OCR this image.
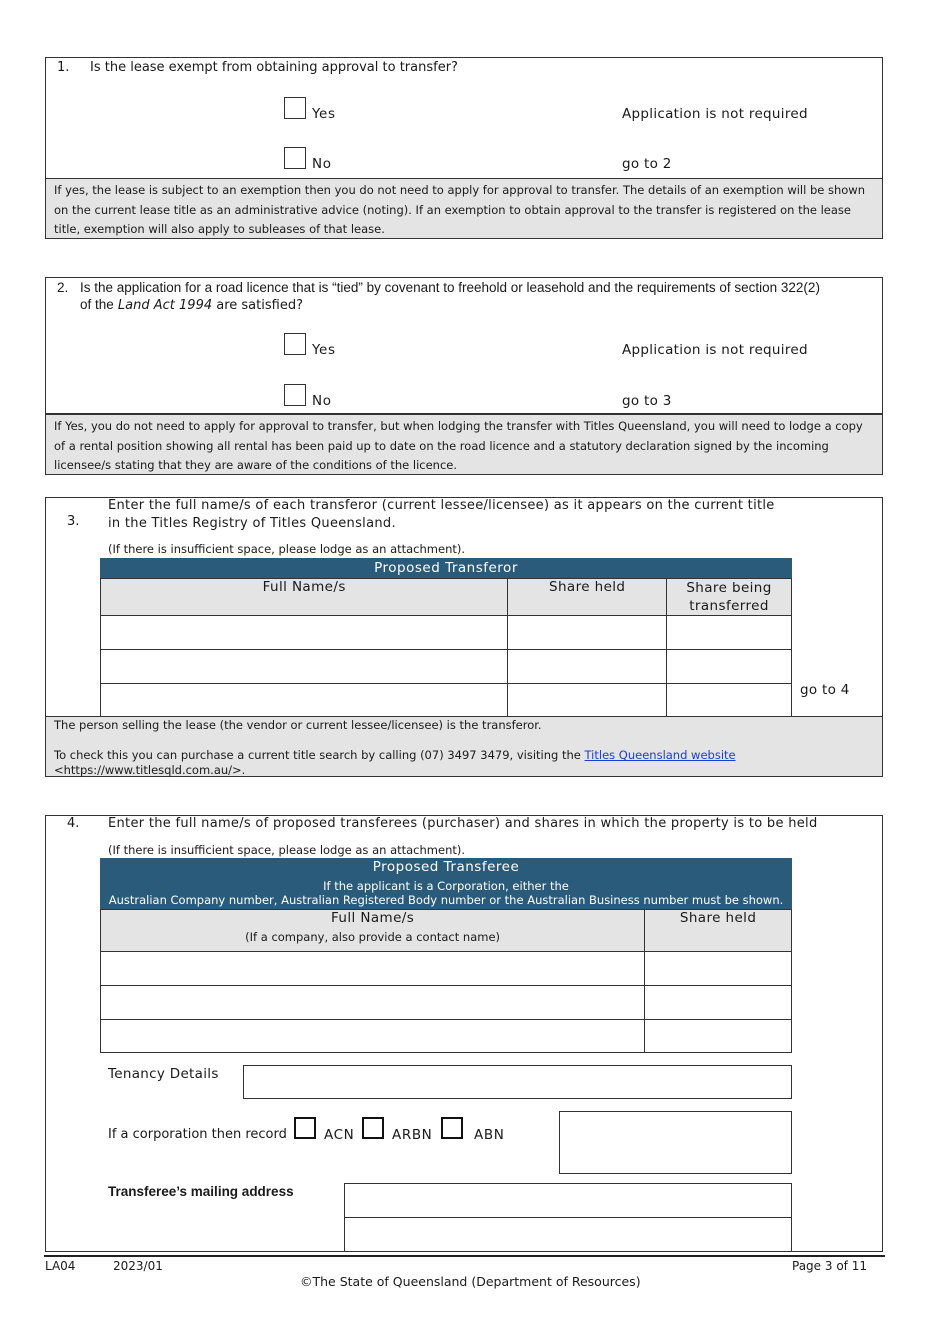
1. Is the lease exempt from obtaining approval to transfer?
Yes	Application is not required
No	go to 2
If yes, the lease is subject to an exemption then you do not need to apply for approval to transfer. The details of an exemption will be shown on the current lease title as an administrative advice (noting). If an exemption to obtain approval to the transfer is registered on the lease title, exemption will also apply to subleases of that lease.
2. Is the application for a road licence that is “tied” by covenant to freehold or leasehold and the requirements of section 322(2)
of the Land Act 1994 are satisfied?
Yes	Application is not required
No	go to 3
If Yes, you do not need to apply for approval to transfer, but when lodging the transfer with Titles Queensland, you will need to lodge a copy of a rental position showing all rental has been paid up to date on the road licence and a statutory declaration signed by the incoming licensee/s stating that they are aware of the conditions of the licence.
3.
Enter the full name/s of each transferor (current lessee/licensee) as it appears on the current title in the Titles Registry of Titles Queensland.
(If there is insufficient space, please lodge as an attachment).
Proposed Transferor
Full Name/s	Share held	Share being transferred

go to 4
The person selling the lease (the vendor or current lessee/licensee) is the transferor.
To check this you can purchase a current title search by calling (07) 3497 3479, visiting the Titles Queensland website
<https://www.titlesqld.com.au/>.
4. Enter the full name/s of proposed transferees (purchaser) and shares in which the property is to be held
(If there is insufficient space, please lodge as an attachment).
Proposed Transferee
If the applicant is a Corporation, either the
Australian Company number, Australian Registered Body number or the Australian Business number must be shown.
Full Name/s
(If a company, also provide a contact name)	Share held

Tenancy Details
If a corporation then record	ACN	ARBN	ABN
Transferee’s mailing address
LA04	2023/01	Page 3 of 11
©The State of Queensland (Department of Resources)
